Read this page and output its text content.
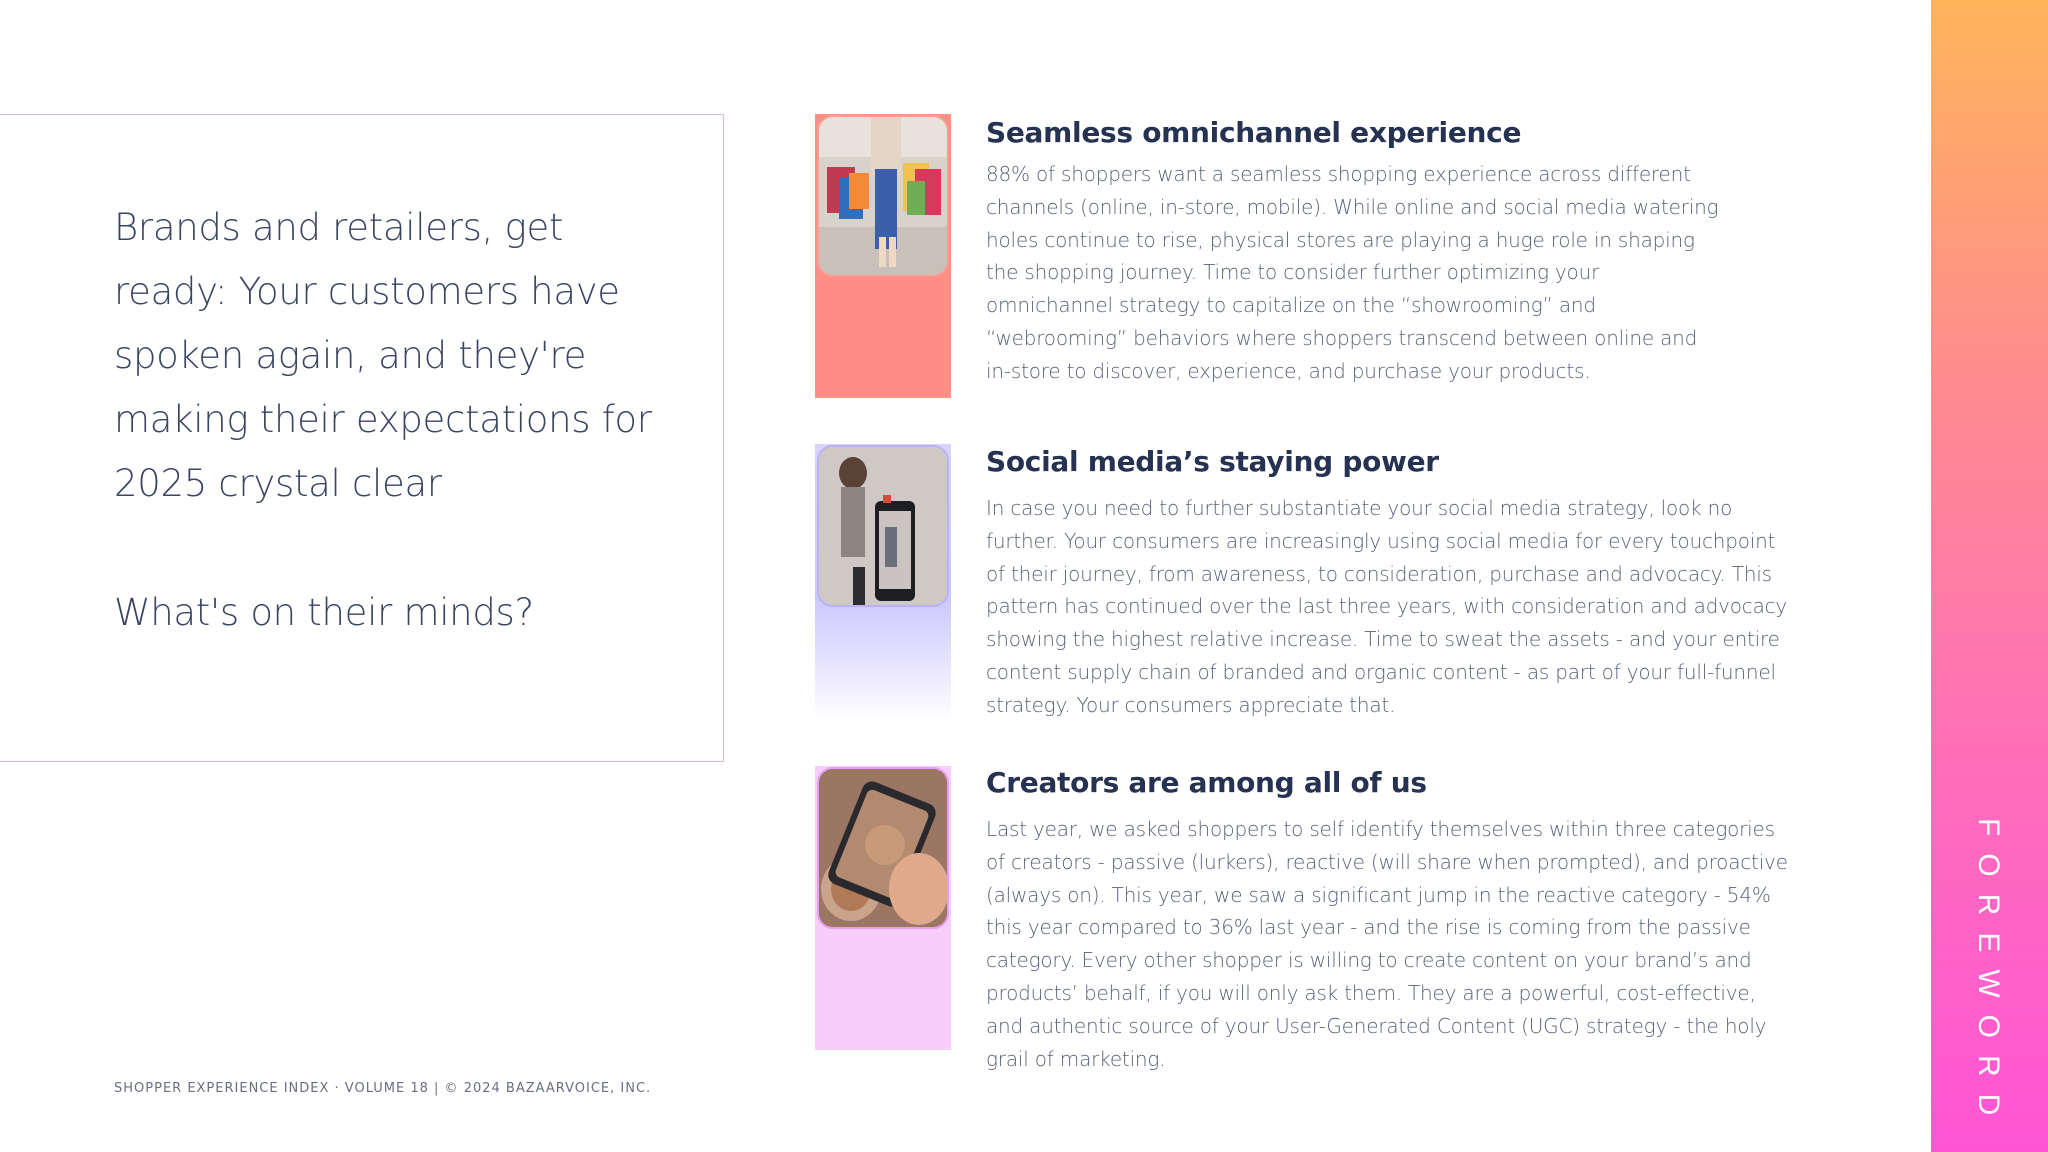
Brands and retailers, get ready: Your customers have spoken again, and they're making their expectations for 2025 crystal clear
What's on their minds?
Seamless omnichannel experience
88% of shoppers want a seamless shopping experience across different channels (online, in-store, mobile). While online and social media watering holes continue to rise, physical stores are playing a huge role in shaping the shopping journey. Time to consider further optimizing your omnichannel strategy to capitalize on the “showrooming” and “webrooming” behaviors where shoppers transcend between online and in-store to discover, experience, and purchase your products.
Social media’s staying power
In case you need to further substantiate your social media strategy, look no further. Your consumers are increasingly using social media for every touchpoint of their journey, from awareness, to consideration, purchase and advocacy. This pattern has continued over the last three years, with consideration and advocacy showing the highest relative increase. Time to sweat the assets - and your entire content supply chain of branded and organic content - as part of your full-funnel strategy. Your consumers appreciate that.
Creators are among all of us
Last year, we asked shoppers to self identify themselves within three categories of creators - passive (lurkers), reactive (will share when prompted), and proactive (always on). This year, we saw a significant jump in the reactive category - 54% this year compared to 36% last year - and the rise is coming from the passive category. Every other shopper is willing to create content on your brand’s and products’ behalf, if you will only ask them. They are a powerful, cost-effective, and authentic source of your User-Generated Content (UGC) strategy - the holy grail of marketing.
SHOPPER EXPERIENCE INDEX · VOLUME 18 | © 2024 BAZAARVOICE, INC.	FOREWORD
